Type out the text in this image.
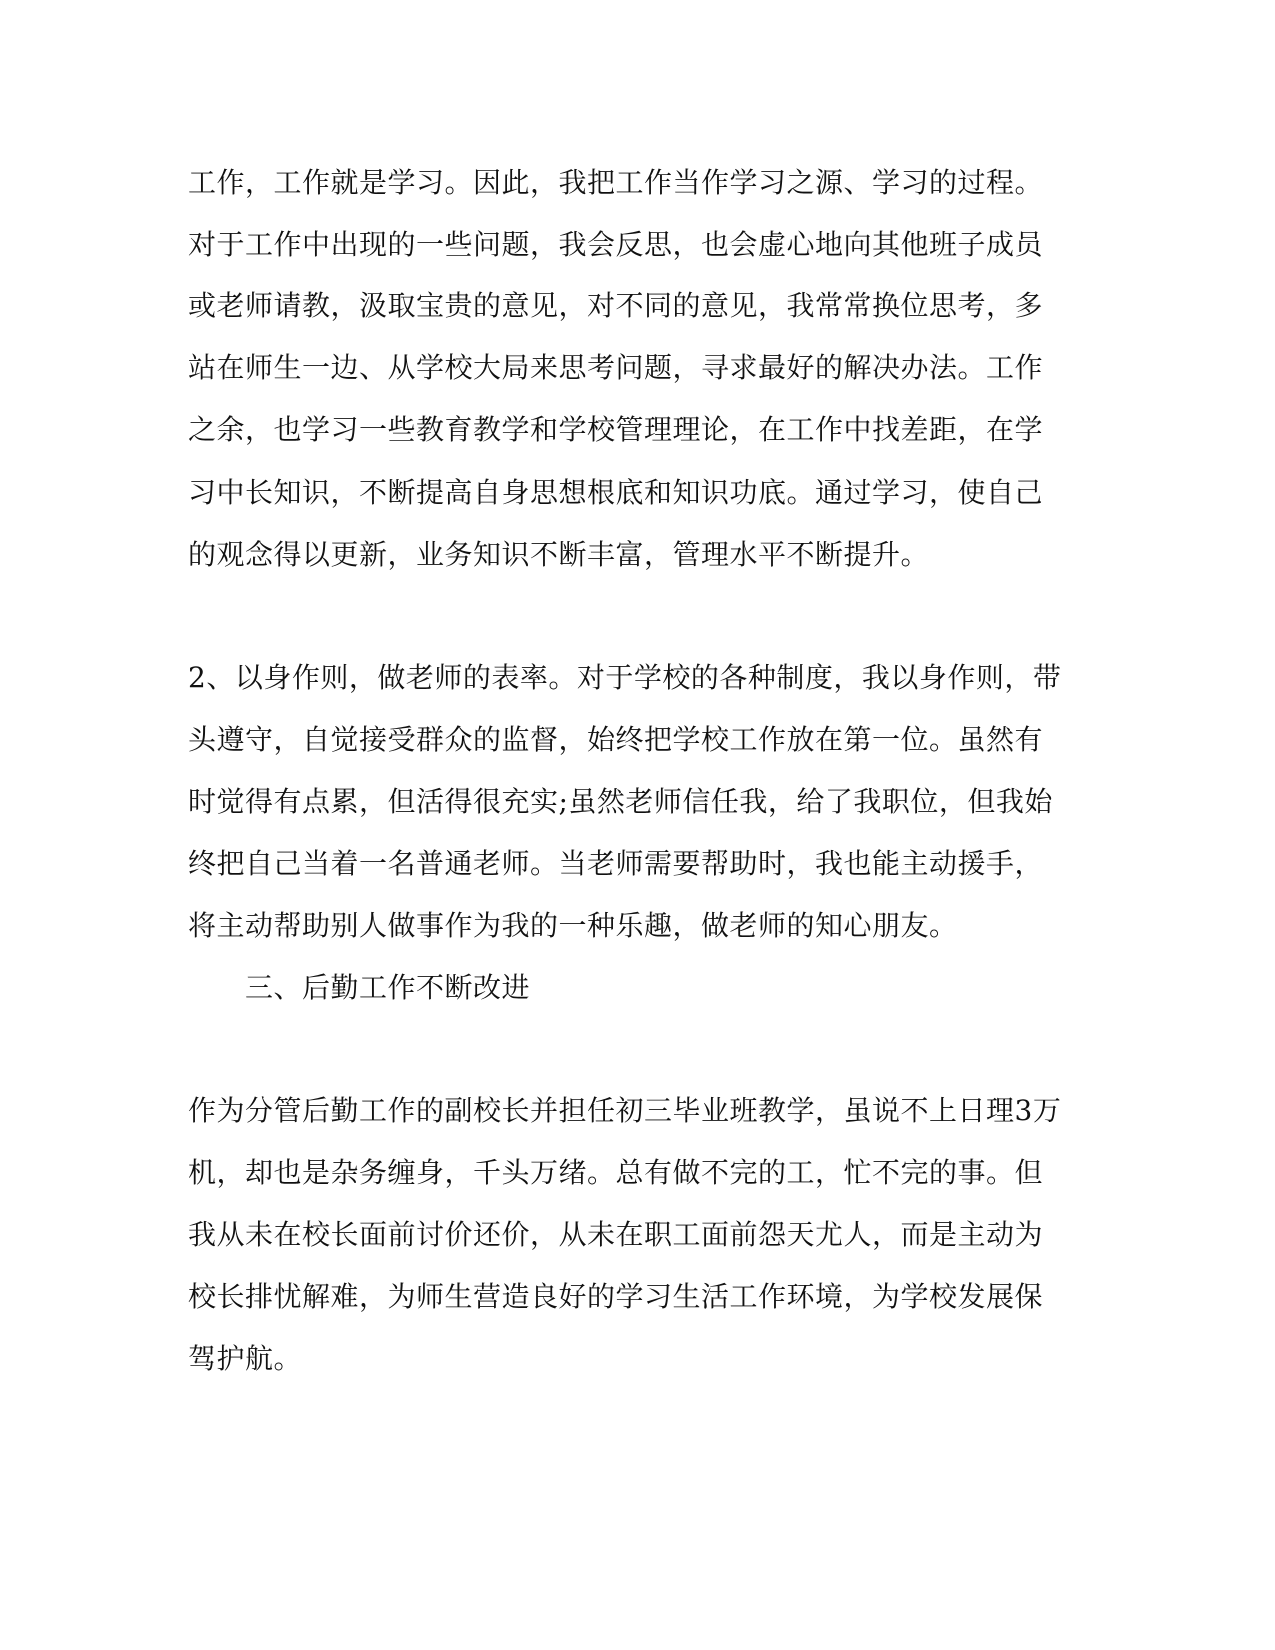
工作，工作就是学习。因此，我把工作当作学习之源、学习的过程。
对于工作中出现的一些问题，我会反思，也会虚心地向其他班子成员
或老师请教，汲取宝贵的意见，对不同的意见，我常常换位思考，多
站在师生一边、从学校大局来思考问题，寻求最好的解决办法。工作
之余，也学习一些教育教学和学校管理理论，在工作中找差距，在学
习中长知识，不断提高自身思想根底和知识功底。通过学习，使自己
的观念得以更新，业务知识不断丰富，管理水平不断提升。
2、以身作则，做老师的表率。对于学校的各种制度，我以身作则，带
头遵守，自觉接受群众的监督，始终把学校工作放在第一位。虽然有
时觉得有点累，但活得很充实;虽然老师信任我，给了我职位，但我始
终把自己当着一名普通老师。当老师需要帮助时，我也能主动援手，
将主动帮助别人做事作为我的一种乐趣，做老师的知心朋友。
三、后勤工作不断改进
作为分管后勤工作的副校长并担任初三毕业班教学，虽说不上日理3万
机，却也是杂务缠身，千头万绪。总有做不完的工，忙不完的事。但
我从未在校长面前讨价还价，从未在职工面前怨天尤人，而是主动为
校长排忧解难，为师生营造良好的学习生活工作环境，为学校发展保
驾护航。
